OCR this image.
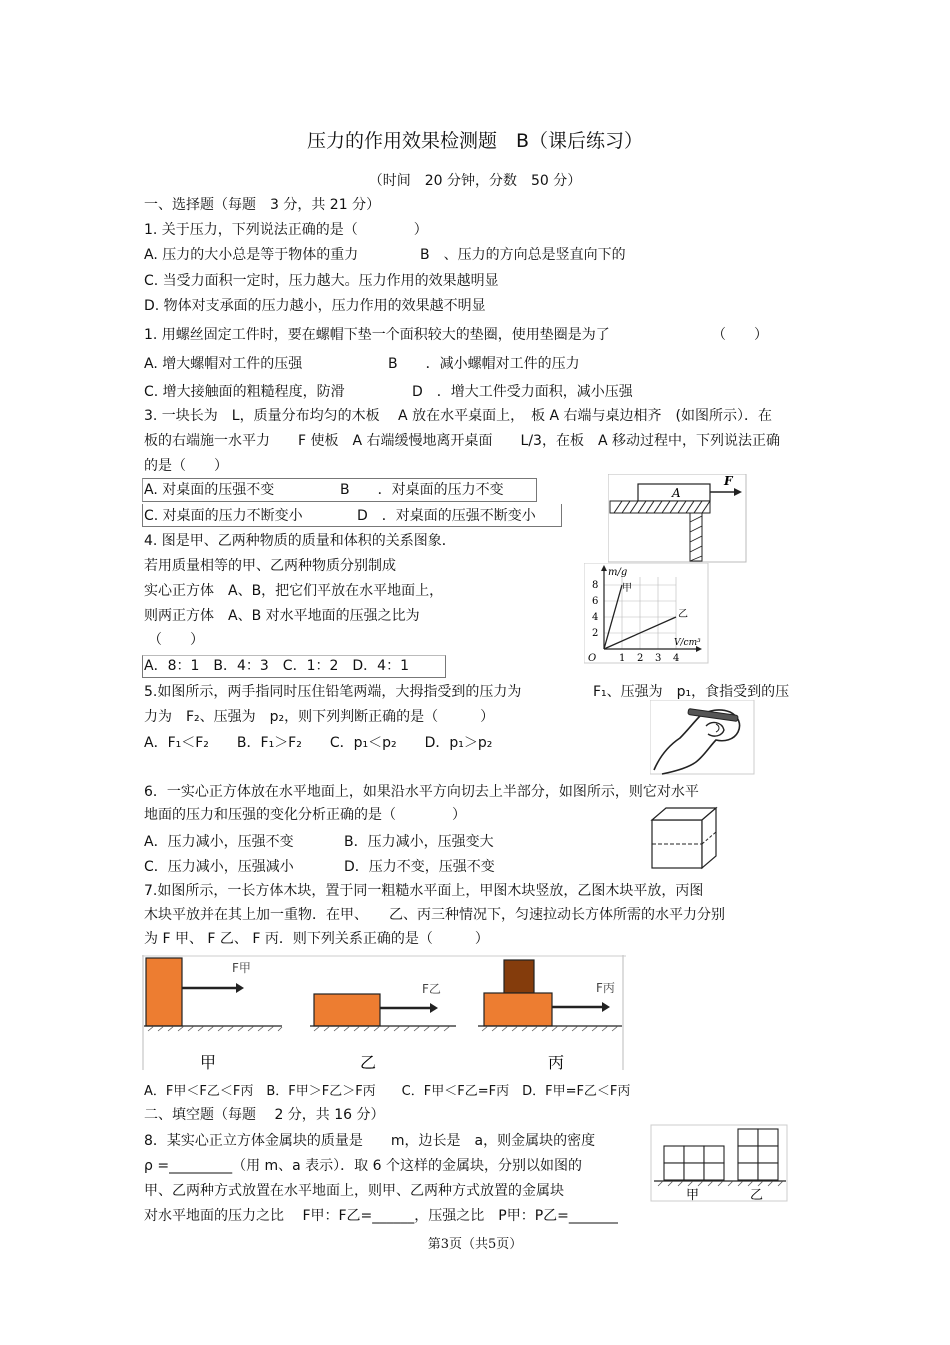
压力的作用效果检测题　B（课后练习）
（时间　20 分钟，分数　50 分）
一、选择题（每题　3 分，共 21 分）
1. 关于压力，下列说法正确的是（　　　　）
A. 压力的大小总是等于物体的重力	B　、压力的方向总是竖直向下的
C. 当受力面积一定时，压力越大。压力作用的效果越明显
D. 物体对支承面的压力越小，压力作用的效果越不明显
1. 用螺丝固定工件时，要在螺帽下垫一个面积较大的垫圈，使用垫圈是为了	（　　）
A. 增大螺帽对工件的压强	B　　．减小螺帽对工件的压力
C. 增大接触面的粗糙程度，防滑	D　．增大工件受力面积，减小压强
3. 一块长为　L，质量分布均匀的木板　 A 放在水平桌面上，　板 A 右端与桌边相齐　(如图所示）．在
板的右端施一水平力　　F 使板　A 右端缓慢地离开桌面　　L/3，在板　A 移动过程中，下列说法正确
的是（　　）
A. 对桌面的压强不变	B　　．对桌面的压力不变
C. 对桌面的压力不断变小	D　．对桌面的压强不断变小
A
F
4. 图是甲、乙两种物质的质量和体积的关系图象．
若用质量相等的甲、乙两种物质分别制成
实心正方体　A、B，把它们平放在水平地面上，
则两正方体　A、B 对水平地面的压强之比为
（　　）
A．8：1　B．4：3　C．1：2　D．4：1
m/g
V/cm³
O
8
6
4
2
1 2 3 4
甲
乙
5.如图所示，两手指同时压住铅笔两端，大拇指受到的压力为	F₁、压强为　p₁，食指受到的压
力为　F₂、压强为　p₂，则下列判断正确的是（　　　）
A．F₁＜F₂　　B．F₁＞F₂　　C．p₁＜p₂　　D．p₁＞p₂
6．一实心正方体放在水平地面上，如果沿水平方向切去上半部分，如图所示，则它对水平
地面的压力和压强的变化分析正确的是（　　　　）
A．压力减小，压强不变	B．压力减小，压强变大
C．压力减小，压强减小	D．压力不变，压强不变
7.如图所示，一长方体木块，置于同一粗糙水平面上，甲图木块竖放，乙图木块平放，丙图
木块平放并在其上加一重物．在甲、　　乙、丙三种情况下，匀速拉动长方体所需的水平力分别
为 F 甲、 F 乙、 F 丙．则下列关系正确的是（　　　）
F甲
甲
F乙
乙
F丙
丙
A．F甲＜F乙＜F丙　B．F甲＞F乙＞F丙　　C．F甲＜F乙=F丙　D．F甲=F乙＜F丙
二、填空题（每题　 2 分，共 16 分）
8．某实心正立方体金属块的质量是　　m，边长是　a，则金属块的密度
ρ =_________（用 m、a 表示）．取 6 个这样的金属块，分别以如图的
甲、乙两种方式放置在水平地面上，则甲、乙两种方式放置的金属块
对水平地面的压力之比　 F甲：F乙=______，压强之比　P甲：P乙=_______
甲	乙
第3页（共5页）
